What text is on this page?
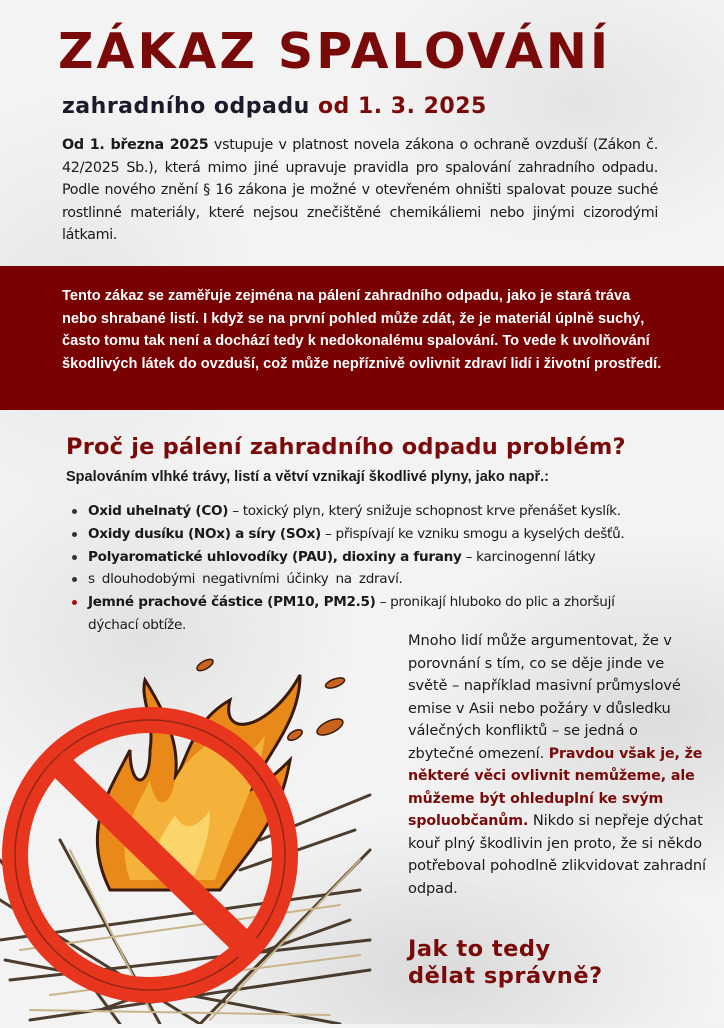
ZÁKAZ SPALOVÁNÍ
zahradního odpadu od 1. 3. 2025
Od 1. března 2025 vstupuje v platnost novela zákona o ochraně ovzduší (Zákon č. 42/2025 Sb.), která mimo jiné upravuje pravidla pro spalování zahradního odpadu. Podle nového znění § 16 zákona je možné v otevřeném ohništi spalovat pouze suché rostlinné materiály, které nejsou znečištěné chemikáliemi nebo jinými cizorodými látkami.
Tento zákaz se zaměřuje zejména na pálení zahradního odpadu, jako je stará tráva nebo shrabané listí. I když se na první pohled může zdát, že je materiál úplně suchý, často tomu tak není a dochází tedy k nedokonalému spalování. To vede k uvolňování škodlivých látek do ovzduší, což může nepříznivě ovlivnit zdraví lidí i životní prostředí.
Proč je pálení zahradního odpadu problém?
Spalováním vlhké trávy, listí a větví vznikají škodlivé plyny, jako např.:
Oxid uhelnatý (CO) – toxický plyn, který snižuje schopnost krve přenášet kyslík.
Oxidy dusíku (NOx) a síry (SOx) – přispívají ke vzniku smogu a kyselých dešťů.
Polyaromatické uhlovodíky (PAU), dioxiny a furany – karcinogenní látky
s dlouhodobými negativními účinky na zdraví.
Jemné prachové částice (PM10, PM2.5) – pronikají hluboko do plic a zhoršují
dýchací obtíže.
Mnoho lidí může argumentovat, že v porovnání s tím, co se děje jinde ve světě – například masivní průmyslové emise v Asii nebo požáry v důsledku válečných konfliktů – se jedná o zbytečné omezení. Pravdou však je, že některé věci ovlivnit nemůžeme, ale můžeme být ohleduplní ke svým spoluobčanům. Nikdo si nepřeje dýchat kouř plný škodlivin jen proto, že si někdo potřeboval pohodlně zlikvidovat zahradní odpad.
Jak to tedy
dělat správně?
